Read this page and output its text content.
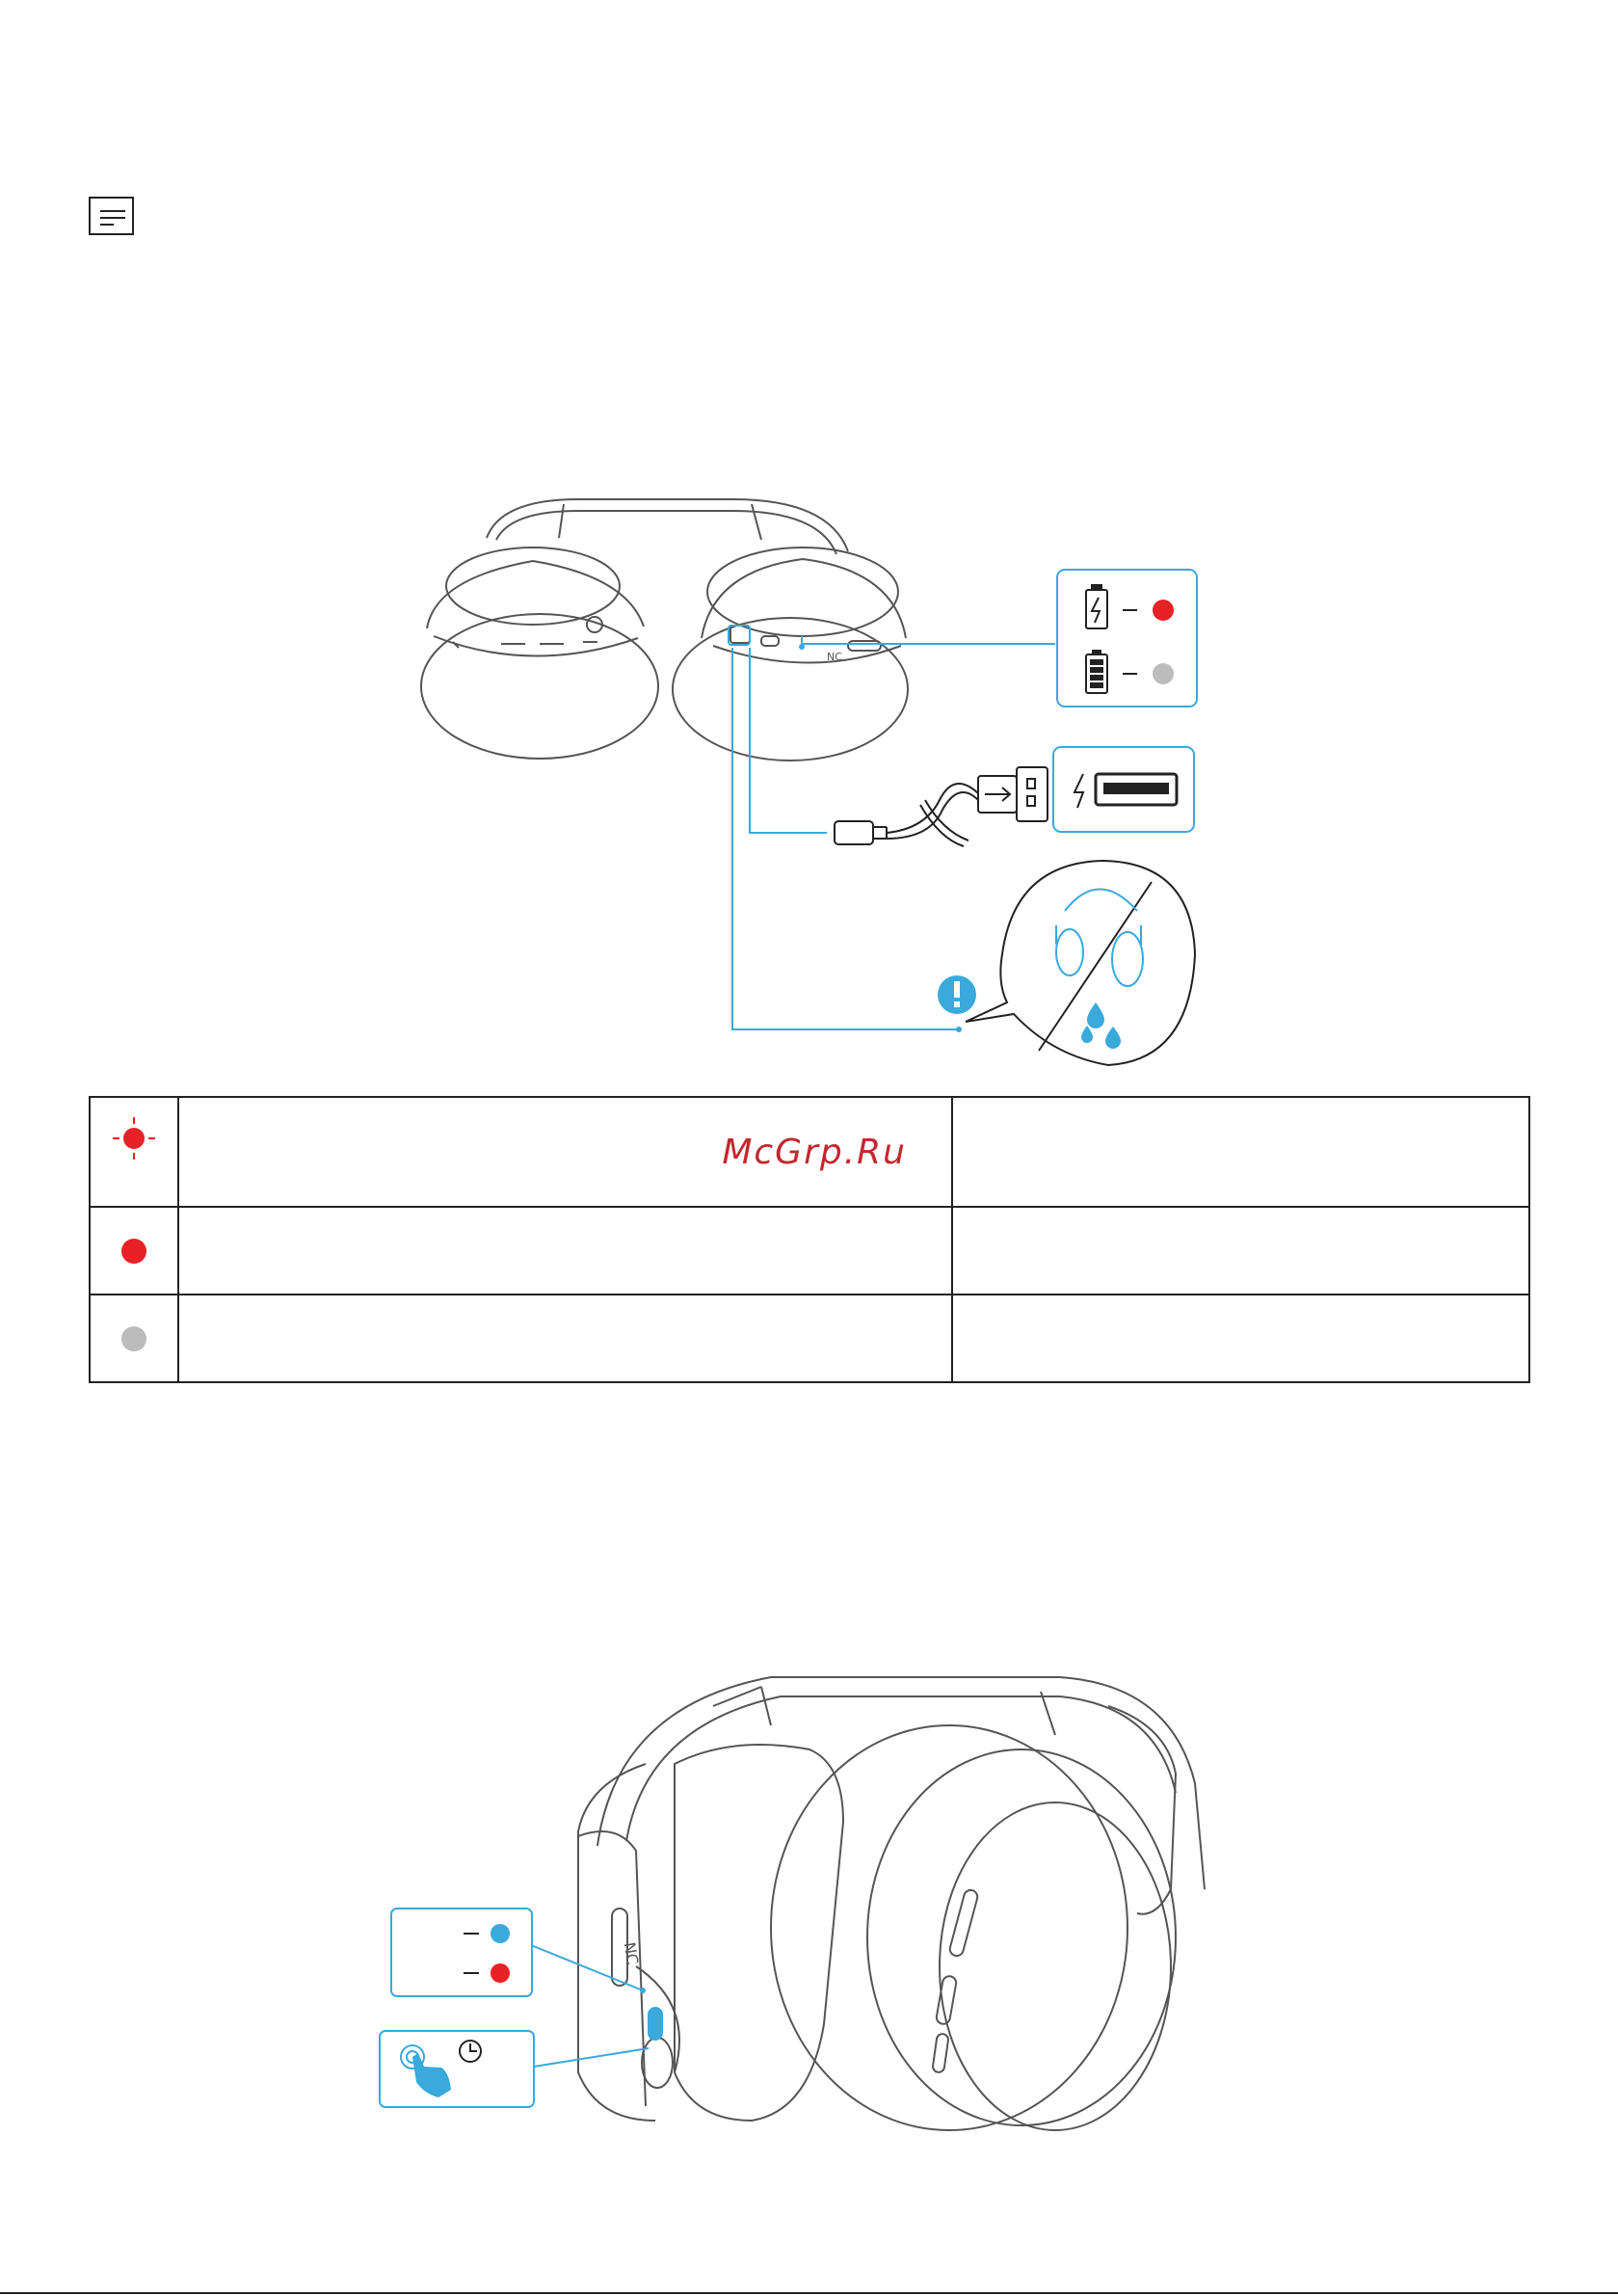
NC
NC

McGrp.Ru	
